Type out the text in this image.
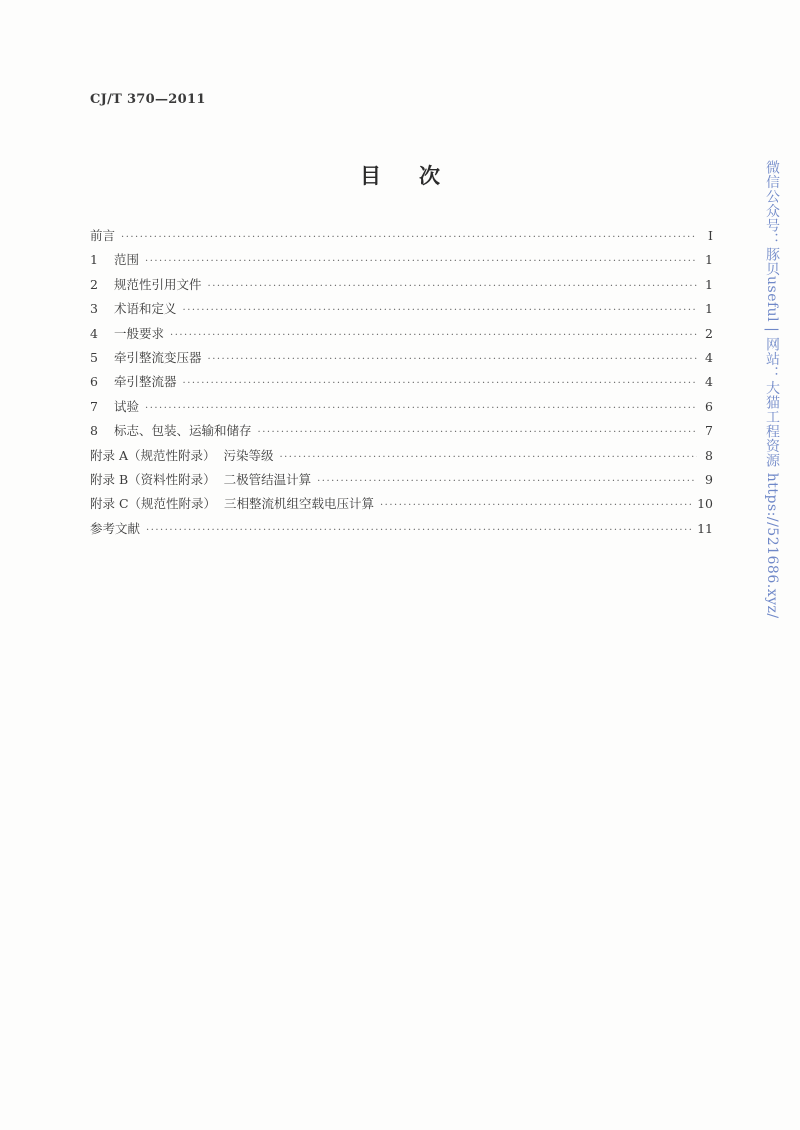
CJ/T 370—2011
目次
前言 ·····	Ⅰ
1	范围 ·····	1
2	规范性引用文件 ·····	1
3	术语和定义 ·····	1
4	一般要求 ·····	2
5	牵引整流变压器 ·····	4
6	牵引整流器 ·····	4
7	试验 ·····	6
8	标志、包装、运输和储存 ·····	7
附录 A（规范性附录）  污染等级 ·····	8
附录 B（资料性附录）  二极管结温计算 ·····	9
附录 C（规范性附录）  三相整流机组空载电压计算 ·····	10
参考文献 ·····	11	微信公众号：豚贝useful | 网站：大猫工程资源 https://521686.xyz/
